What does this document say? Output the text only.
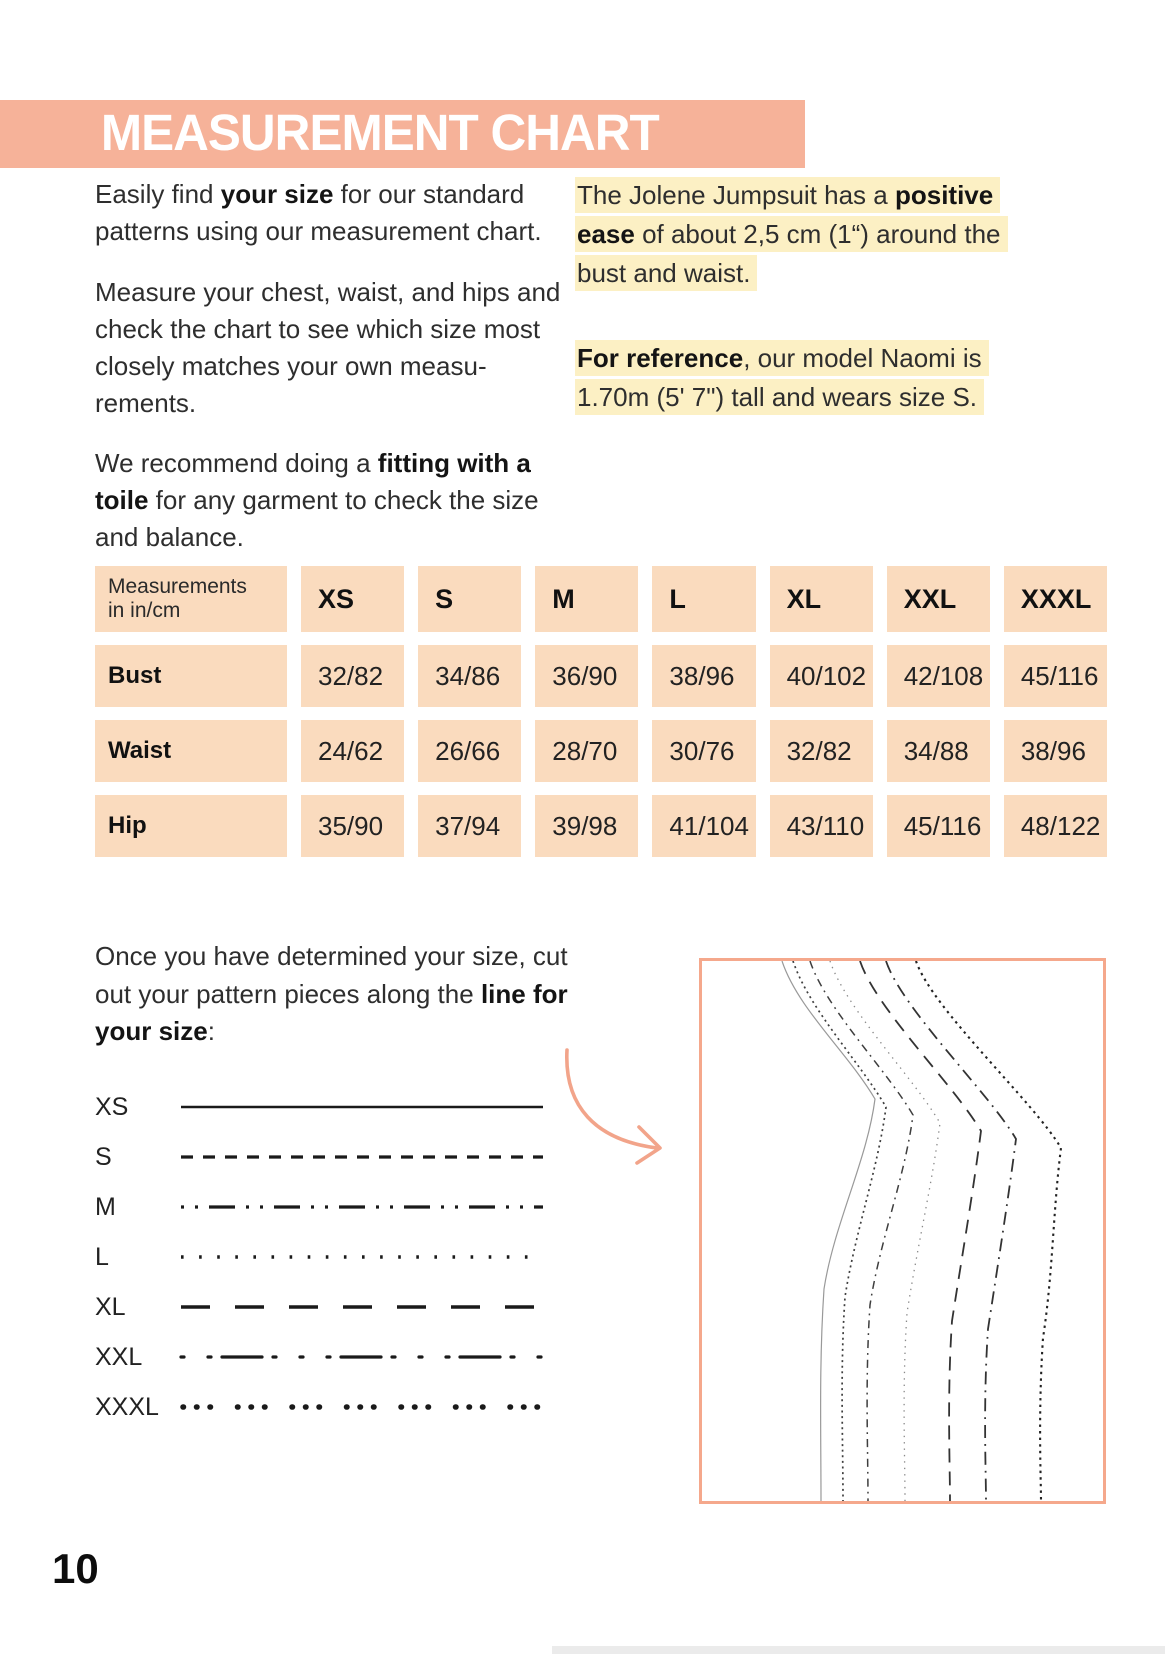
MEASUREMENT CHART

Easily find your size for our standard patterns using our measurement chart.

Measure your chest, waist, and hips and check the chart to see which size most closely matches your own measurements.

We recommend doing a fitting with a toile for any garment to check the size and balance.

The Jolene Jumpsuit has a positive ease of about 2,5 cm (1“) around the bust and waist.

For reference, our model Naomi is 1.70m (5' 7") tall and wears size S.

Measurements
in in/cm	XS	S	M	L	XL	XXL	XXXL
Bust	32/82	34/86	36/90	38/96	40/102	42/108	45/116
Waist	24/62	26/66	28/70	30/76	32/82	34/88	38/96
Hip	35/90	37/94	39/98	41/104	43/110	45/116	48/122
Once you have determined your size, cut out your pattern pieces along the line for your size:
XS
S
M
L
XL
XXL
XXXL
10
